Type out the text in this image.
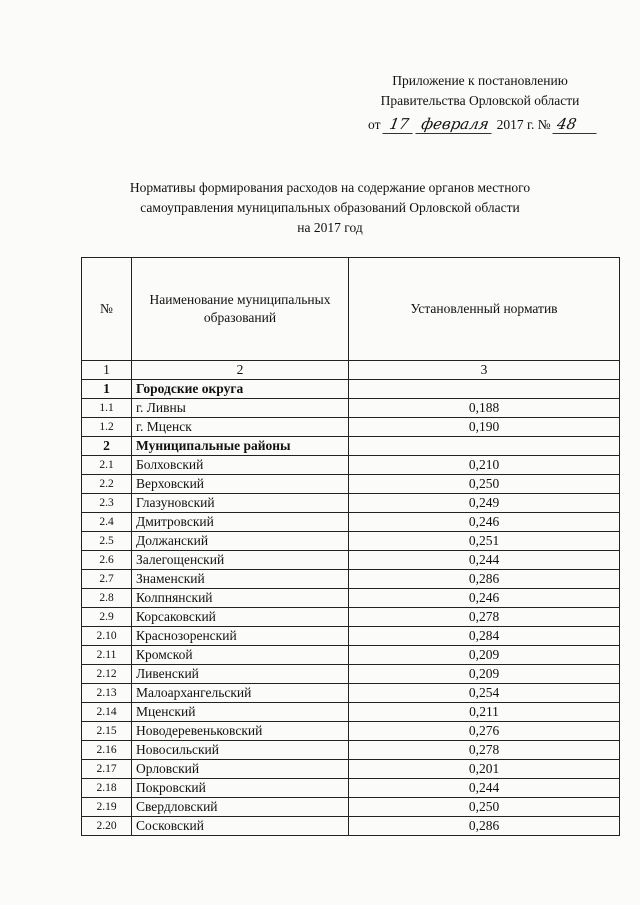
Приложение к постановлению
Правительства Орловской области
от 17 февраля 2017 г. № 48
Нормативы формирования расходов на содержание органов местного
самоуправления муниципальных образований Орловской области
на 2017 год
№	Наименование муниципальных образований	Установленный норматив
1	2	3
1	Городские округа	
1.1	г. Ливны	0,188
1.2	г. Мценск	0,190
2	Муниципальные районы	
2.1	Болховский	0,210
2.2	Верховский	0,250
2.3	Глазуновский	0,249
2.4	Дмитровский	0,246
2.5	Должанский	0,251
2.6	Залегощенский	0,244
2.7	Знаменский	0,286
2.8	Колпнянский	0,246
2.9	Корсаковский	0,278
2.10	Краснозоренский	0,284
2.11	Кромской	0,209
2.12	Ливенский	0,209
2.13	Малоархангельский	0,254
2.14	Мценский	0,211
2.15	Новодеревеньковский	0,276
2.16	Новосильский	0,278
2.17	Орловский	0,201
2.18	Покровский	0,244
2.19	Свердловский	0,250
2.20	Сосковский	0,286
